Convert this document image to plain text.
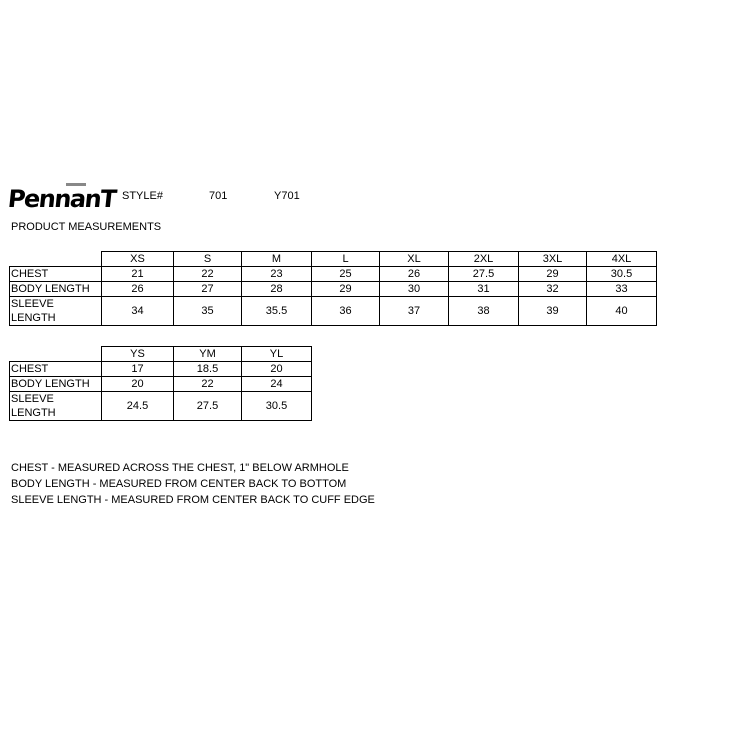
PennanT STYLE#	701	Y701
PRODUCT MEASUREMENTS
	XS	S	M	L	XL	2XL	3XL	4XL
CHEST	21	22	23	25	26	27.5	29	30.5
BODY LENGTH	26	27	28	29	30	31	32	33
SLEEVE LENGTH	34	35	35.5	36	37	38	39	40
	YS	YM	YL
CHEST	17	18.5	20
BODY LENGTH	20	22	24
SLEEVE LENGTH	24.5	27.5	30.5
CHEST - MEASURED ACROSS THE CHEST, 1" BELOW ARMHOLE
BODY LENGTH - MEASURED FROM CENTER BACK TO BOTTOM
SLEEVE LENGTH - MEASURED FROM CENTER BACK TO CUFF EDGE
